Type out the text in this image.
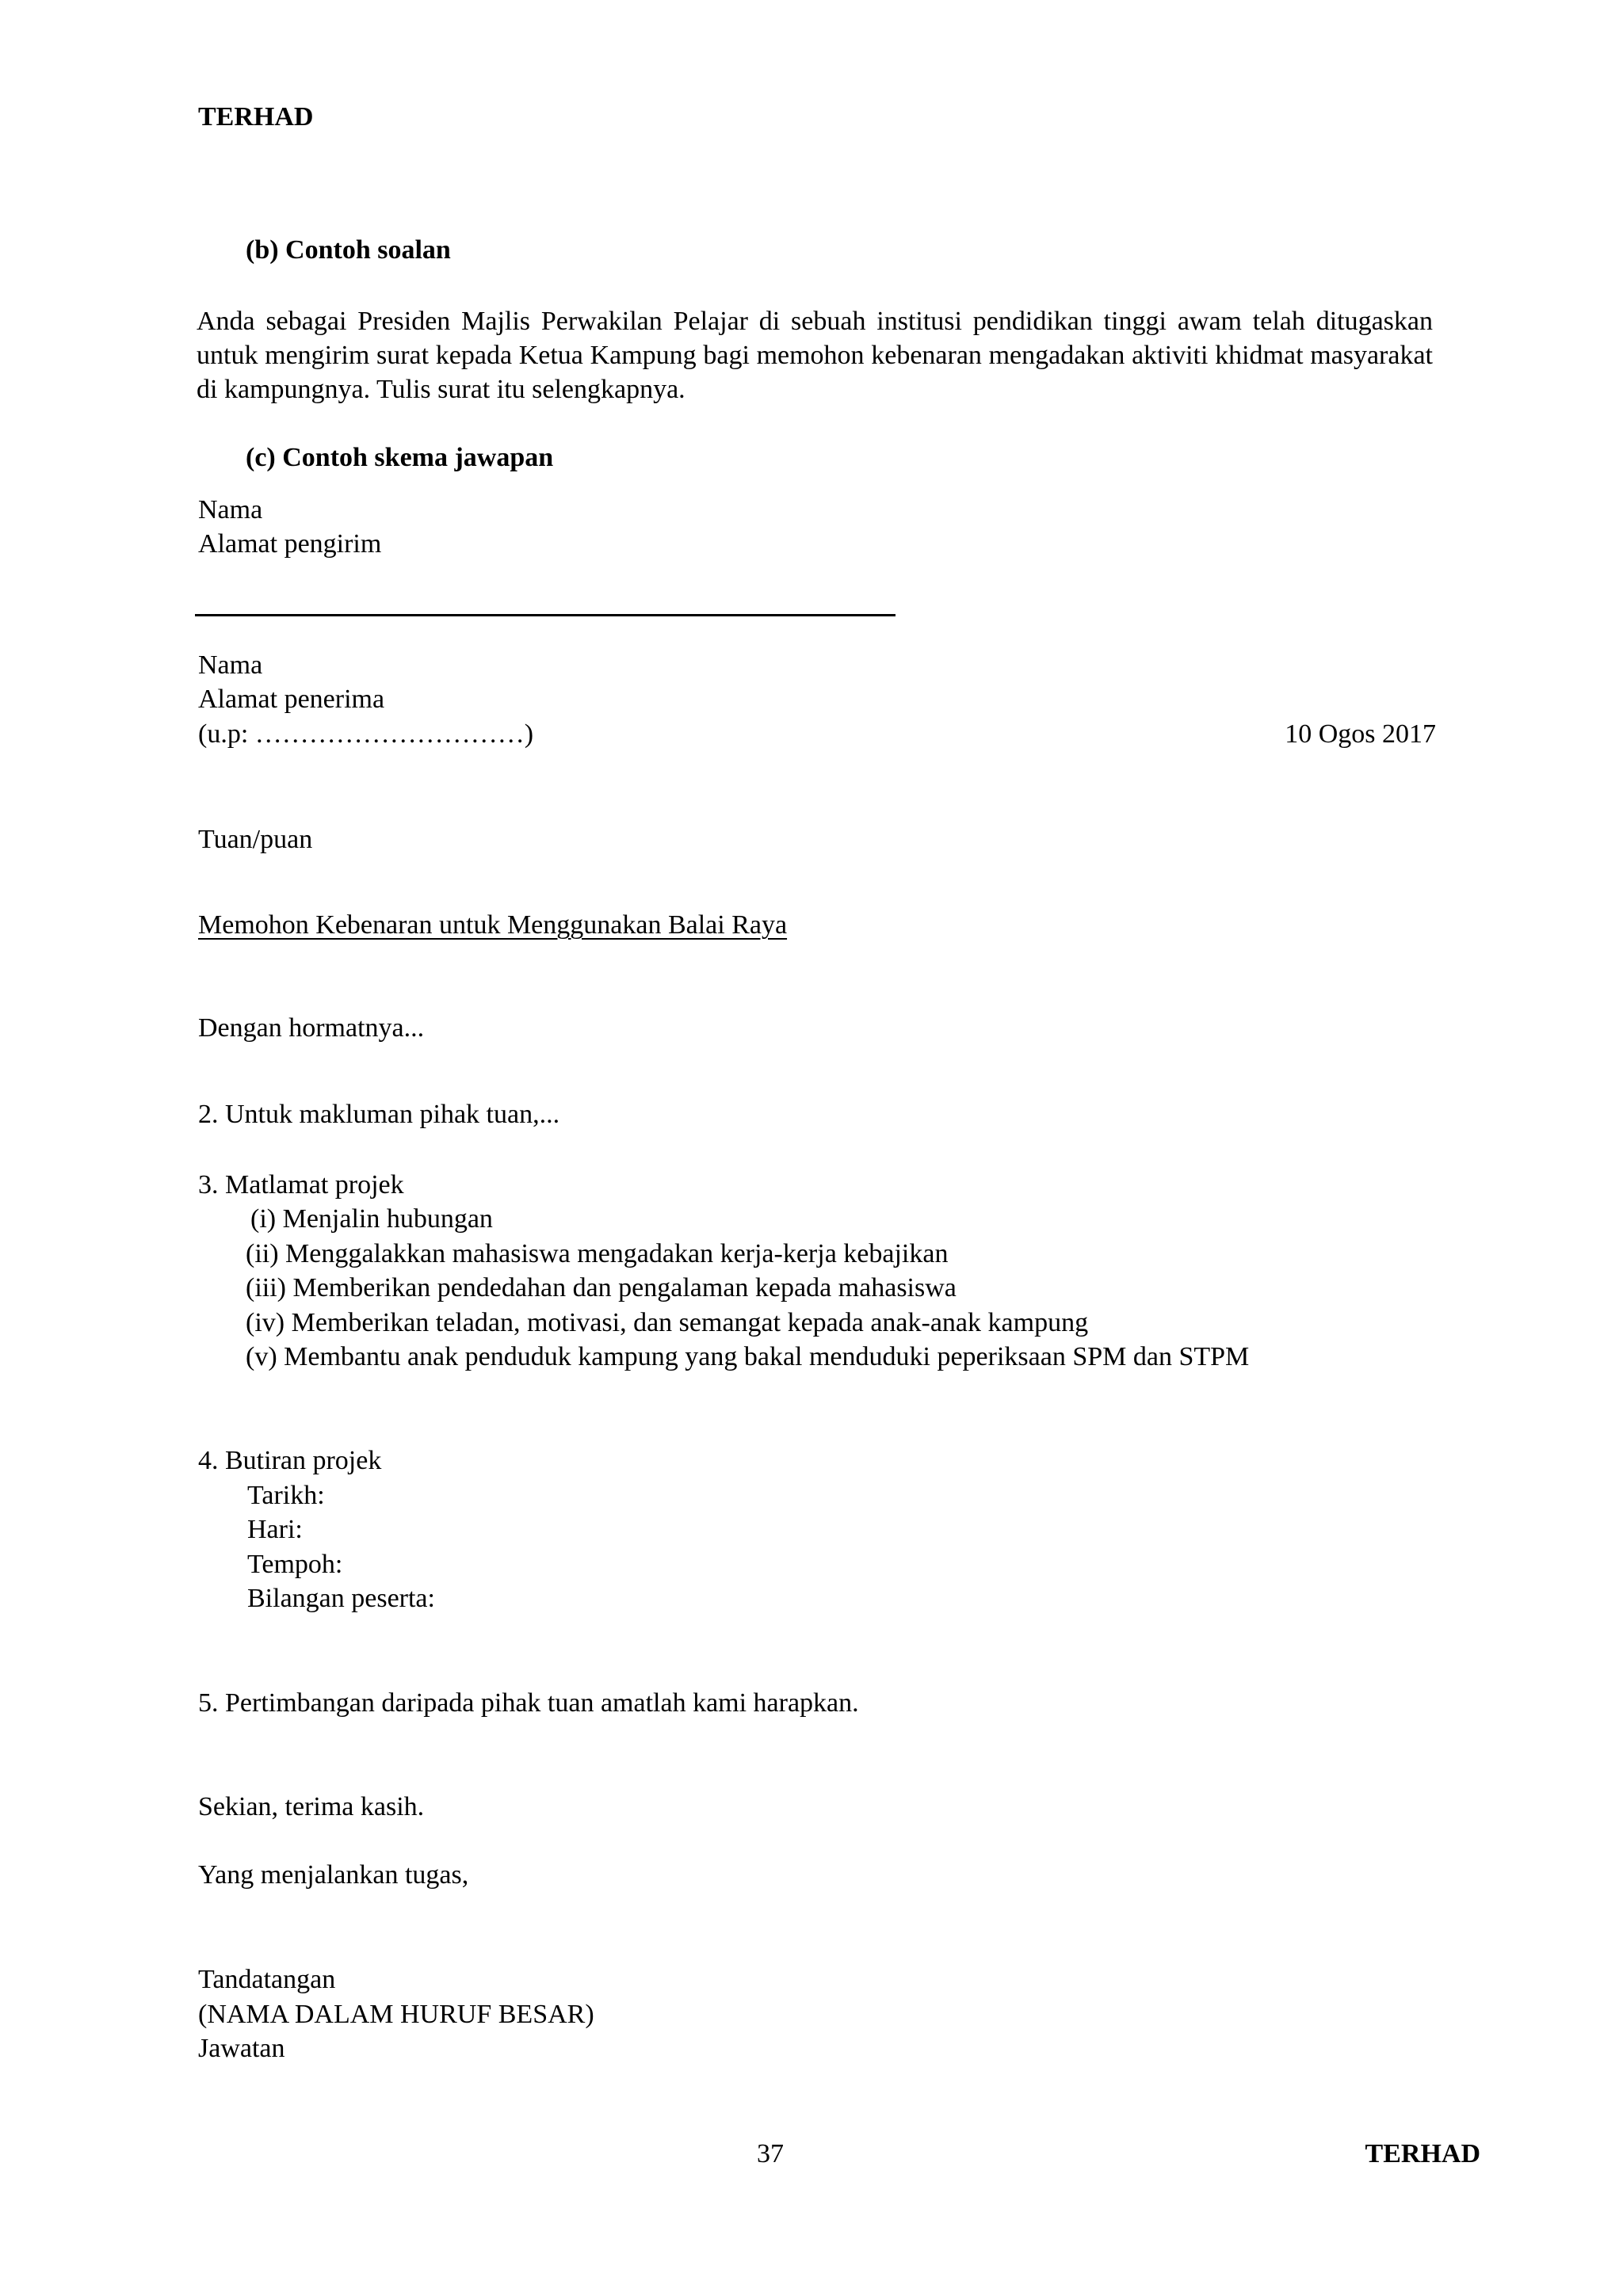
TERHAD
(b) Contoh soalan
Anda sebagai Presiden Majlis Perwakilan Pelajar di sebuah institusi pendidikan tinggi awam telah ditugaskan untuk mengirim surat kepada Ketua Kampung bagi memohon kebenaran mengadakan aktiviti khidmat masyarakat di kampungnya. Tulis surat itu selengkapnya.
(c) Contoh skema jawapan
Nama
Alamat pengirim
Nama
Alamat penerima
(u.p: …………………………)	10 Ogos 2017
Tuan/puan
Memohon Kebenaran untuk Menggunakan Balai Raya
Dengan hormatnya...
2. Untuk makluman pihak tuan,...
3. Matlamat projek
(i) Menjalin hubungan
(ii) Menggalakkan mahasiswa mengadakan kerja-kerja kebajikan
(iii) Memberikan pendedahan dan pengalaman kepada mahasiswa
(iv) Memberikan teladan, motivasi, dan semangat kepada anak-anak kampung
(v) Membantu anak penduduk kampung yang bakal menduduki peperiksaan SPM dan STPM
4. Butiran projek
Tarikh:
Hari:
Tempoh:
Bilangan peserta:
5. Pertimbangan daripada pihak tuan amatlah kami harapkan.
Sekian, terima kasih.
Yang menjalankan tugas,
Tandatangan
(NAMA DALAM HURUF BESAR)
Jawatan
37	TERHAD
